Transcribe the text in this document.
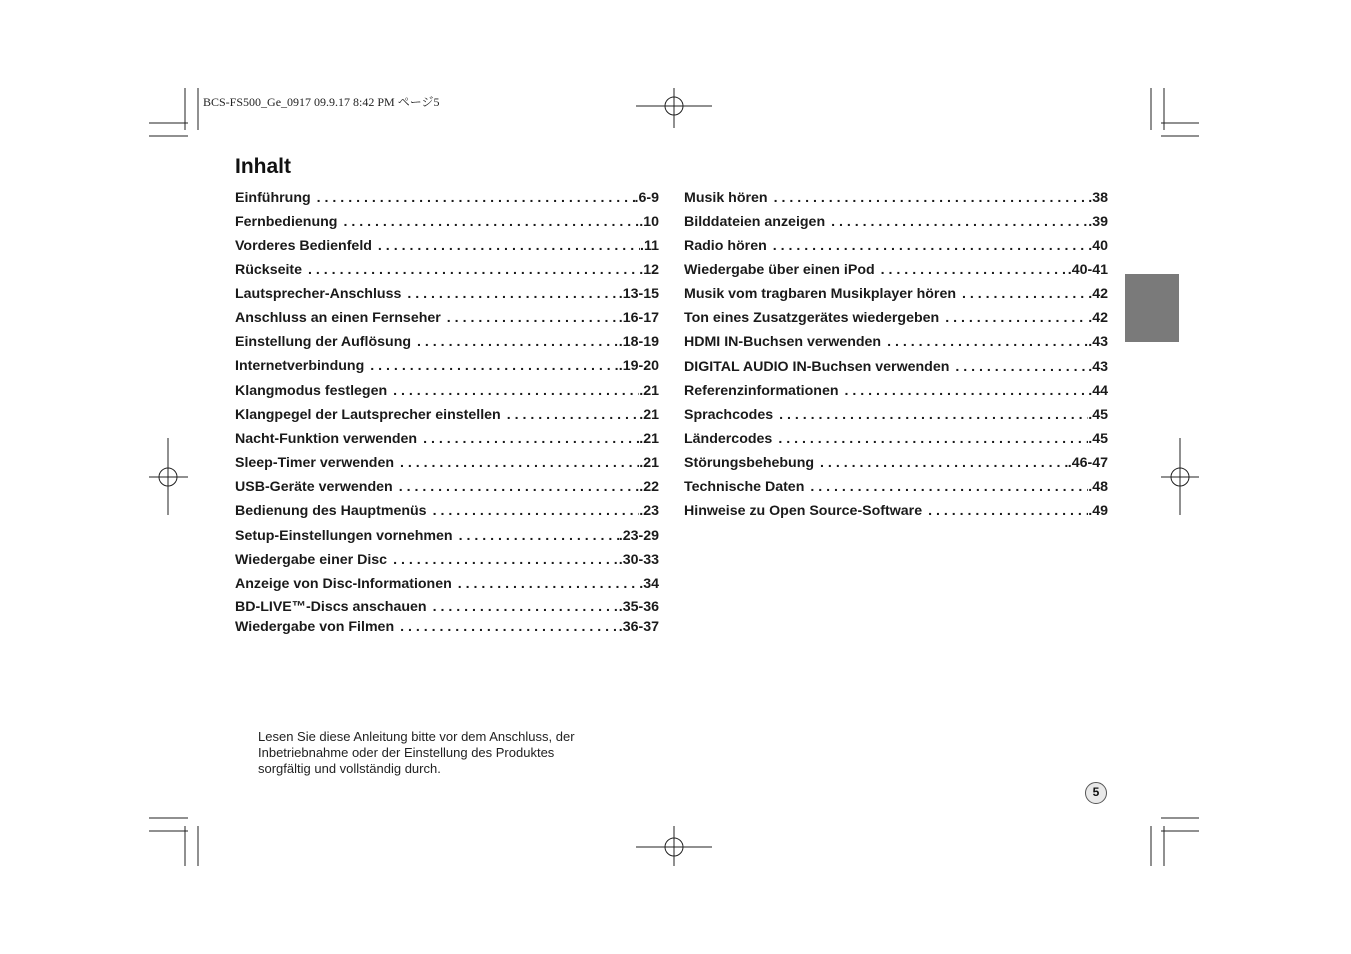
BCS-FS500_Ge_0917 09.9.17 8:42 PM ページ5
Inhalt
Einführung . . .	.6-9
Fernbedienung . . .	.10
Vorderes Bedienfeld . . .	.11
Rückseite . . .	.12
Lautsprecher-Anschluss . . .	.13-15
Anschluss an einen Fernseher . . .	.16-17
Einstellung der Auflösung . . .	.18-19
Internetverbindung . . .	.19-20
Klangmodus festlegen . . .	.21
Klangpegel der Lautsprecher einstellen . . .	.21
Nacht-Funktion verwenden . . .	.21
Sleep-Timer verwenden . . .	.21
USB-Geräte verwenden . . .	.22
Bedienung des Hauptmenüs . . .	.23
Setup-Einstellungen vornehmen . . .	.23-29
Wiedergabe einer Disc . . .	.30-33
Anzeige von Disc-Informationen . . .	.34
BD-LIVE™-Discs anschauen . . .	.35-36
Wiedergabe von Filmen . . .	.36-37
Musik hören . . .	.38
Bilddateien anzeigen . . .	.39
Radio hören . . .	.40
Wiedergabe über einen iPod . . .	.40-41
Musik vom tragbaren Musikplayer hören . . .	.42
Ton eines Zusatzgerätes wiedergeben . . .	.42
HDMI IN-Buchsen verwenden . . .	.43
DIGITAL AUDIO IN-Buchsen verwenden . . .	.43
Referenzinformationen . . .	.44
Sprachcodes . . .	.45
Ländercodes . . .	.45
Störungsbehebung . . .	.46-47
Technische Daten . . .	.48
Hinweise zu Open Source-Software . . .	.49
Lesen Sie diese Anleitung bitte vor dem Anschluss, der
Inbetriebnahme oder der Einstellung des Produktes
sorgfältig und vollständig durch.
5
